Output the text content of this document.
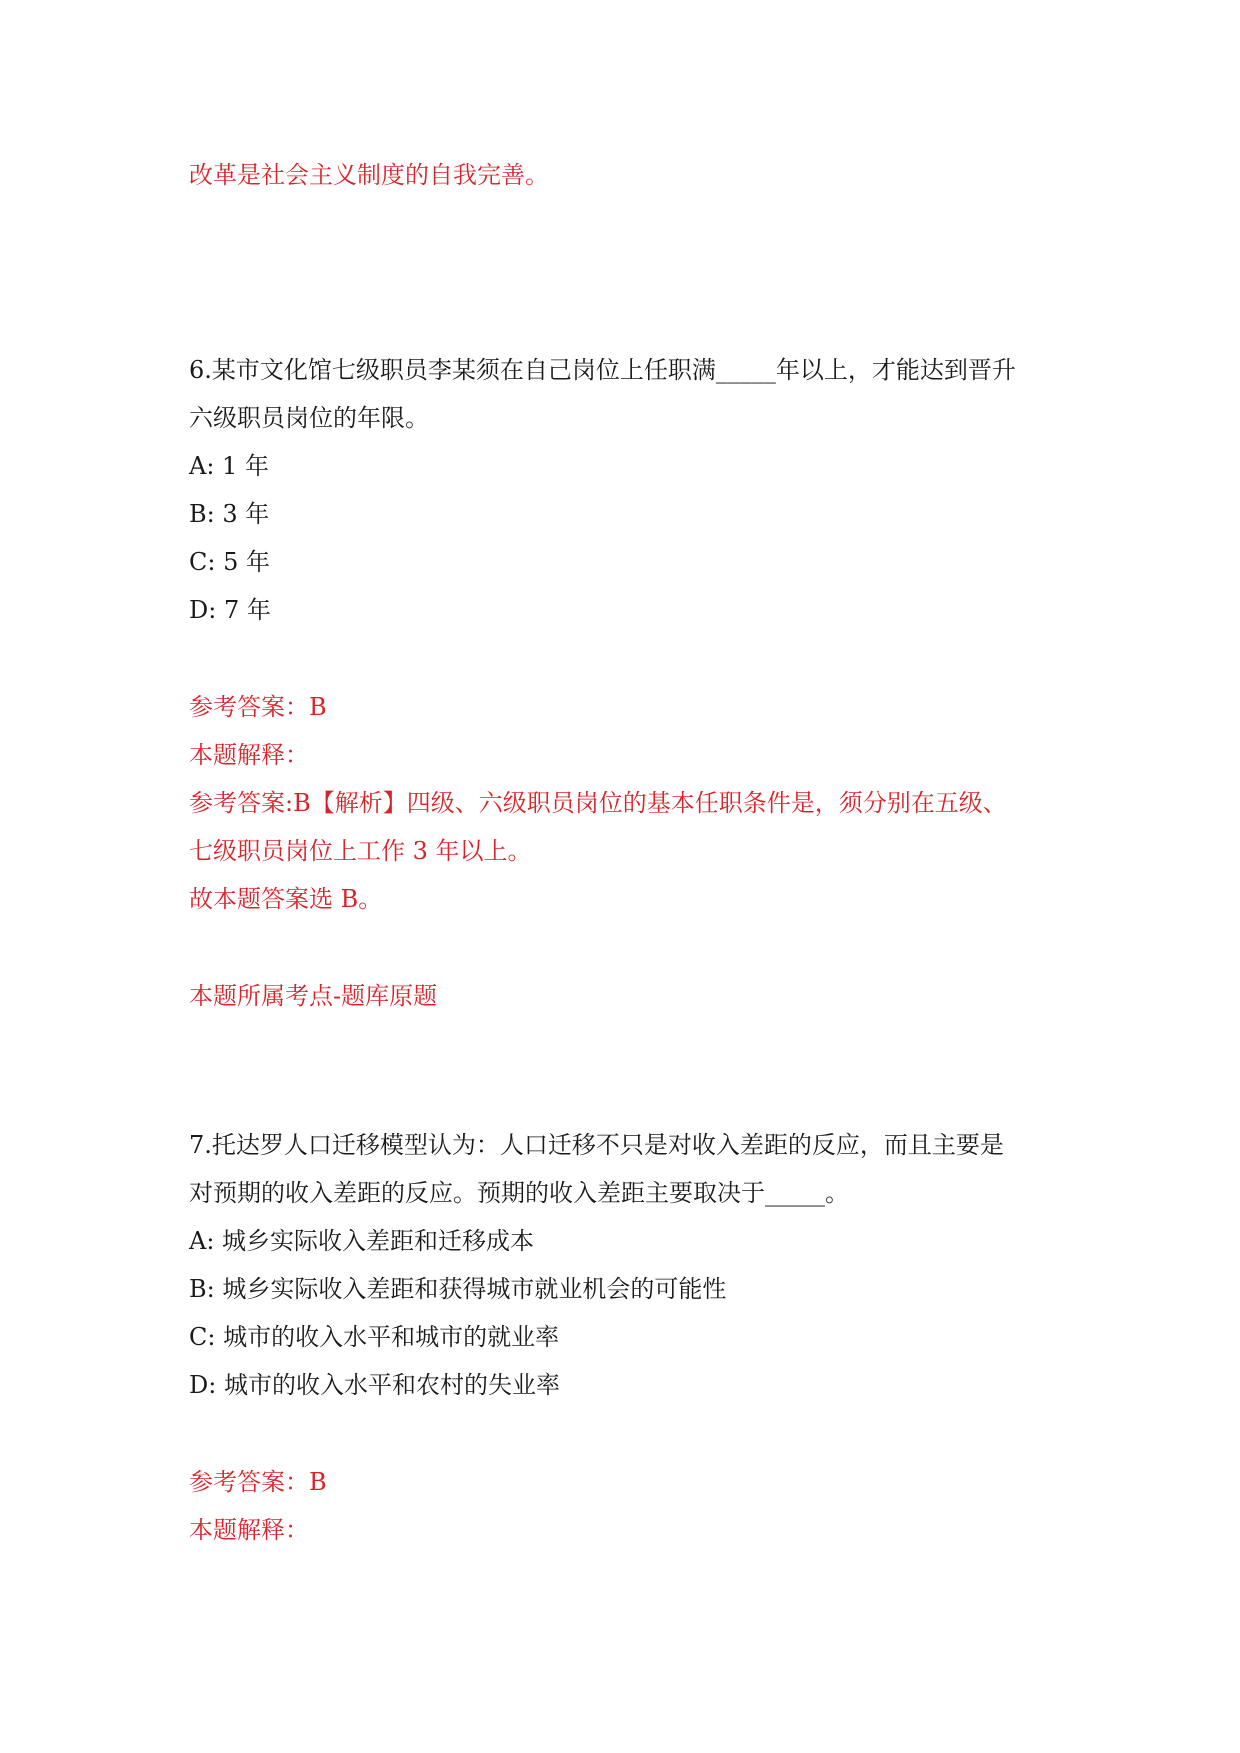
改革是社会主义制度的自我完善。
6.某市文化馆七级职员李某须在自己岗位上任职满_____年以上，才能达到晋升
六级职员岗位的年限。
A: 1 年
B: 3 年
C: 5 年
D: 7 年
参考答案：B
本题解释：
参考答案:B【解析】四级、六级职员岗位的基本任职条件是，须分别在五级、
七级职员岗位上工作 3 年以上。
故本题答案选 B。
本题所属考点-题库原题
7.托达罗人口迁移模型认为：人口迁移不只是对收入差距的反应，而且主要是
对预期的收入差距的反应。预期的收入差距主要取决于_____。
A: 城乡实际收入差距和迁移成本
B: 城乡实际收入差距和获得城市就业机会的可能性
C: 城市的收入水平和城市的就业率
D: 城市的收入水平和农村的失业率
参考答案：B
本题解释：
